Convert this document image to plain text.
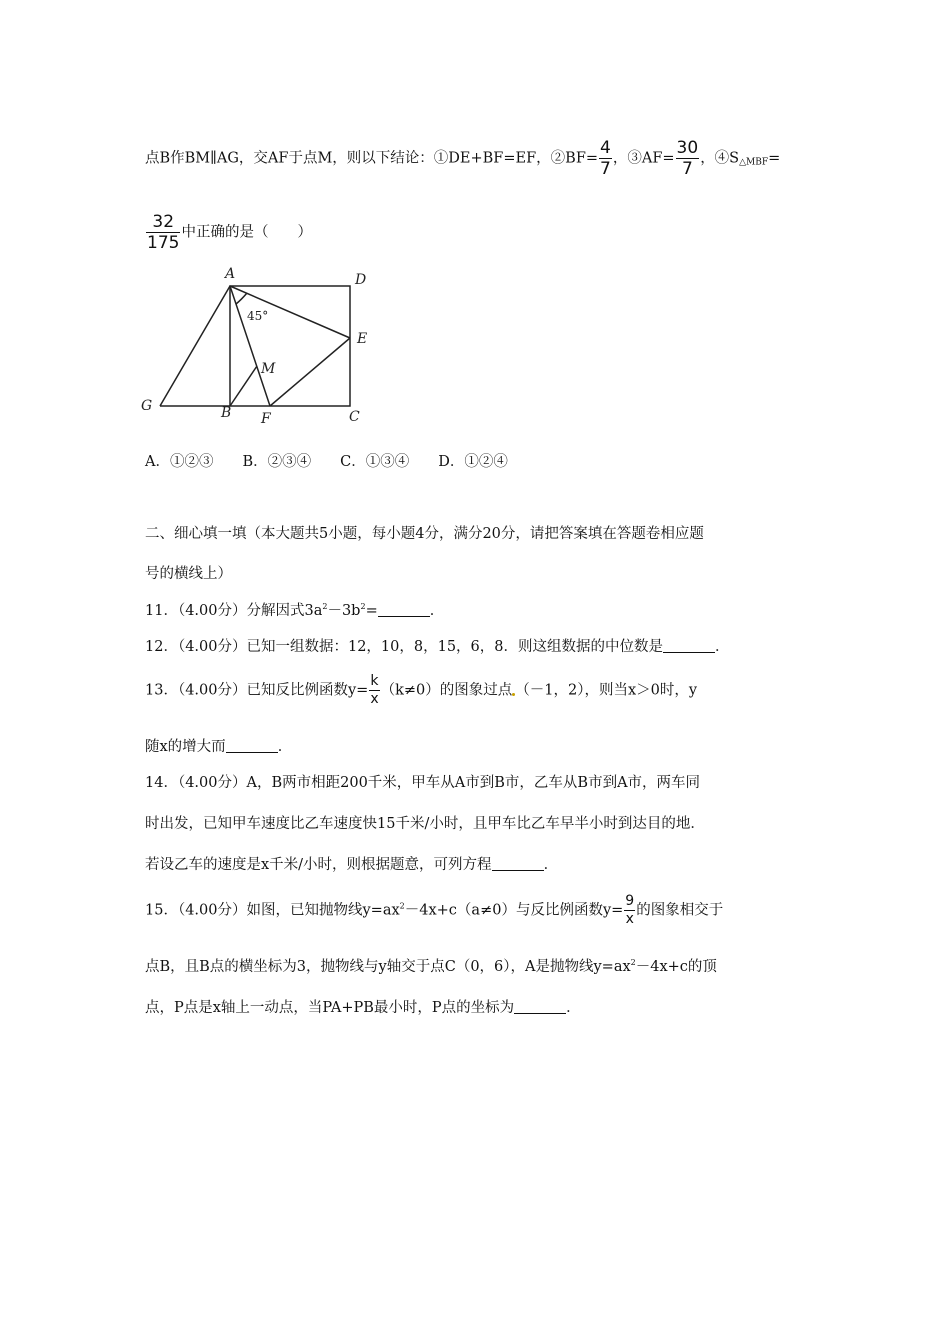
点B作BM∥AG，交AF于点M，则以下结论：①DE+BF=EF，②BF= $\frac{4}{7}$ ，③AF= $\frac{30}{7}$ ，$④S_{\triangle MBF}=$
$\frac{32}{175}$ 中正确的是（　　）
A	D
E
M
G	B F	C
45°
A．①②③　　B．②③④　　C．①③④　　D．①②④
二、细心填一填（本大题共5小题，每小题4分，满分20分，请把答案填在答题卷相应题
号的横线上）
11．（4.00分）分解因式$3a^2-3b^2=$	．
12．（4.00分）已知一组数据：12，10，8，15，6，8．则这组数据的中位数是	．
13．（4.00分）已知反比例函数$y= \frac{k}{x} (k\ne 0)$的图象过点 （－1，2），则当x＞0时，y
随x的增大而	．
14．（4.00分）A，B两市相距200千米，甲车从A市到B市，乙车从B市到A市，两车同
时出发，已知甲车速度比乙车速度快15千米/小时，且甲车比乙车早半小时到达目的地．
若设乙车的速度是x千米/小时，则根据题意，可列方程	．
15．（4.00分）如图，已知抛物线$y=ax^2-4x+c(a\ne 0)$与反比例函数$y= \frac{9}{x}$ 的图象相交于
点B，且B点的横坐标为3，抛物线与y轴交于点C（0，6），A是抛物线$y=ax^2-4x+c$的顶
点，P点是x轴上一动点，当PA+PB最小时，P点的坐标为	．
